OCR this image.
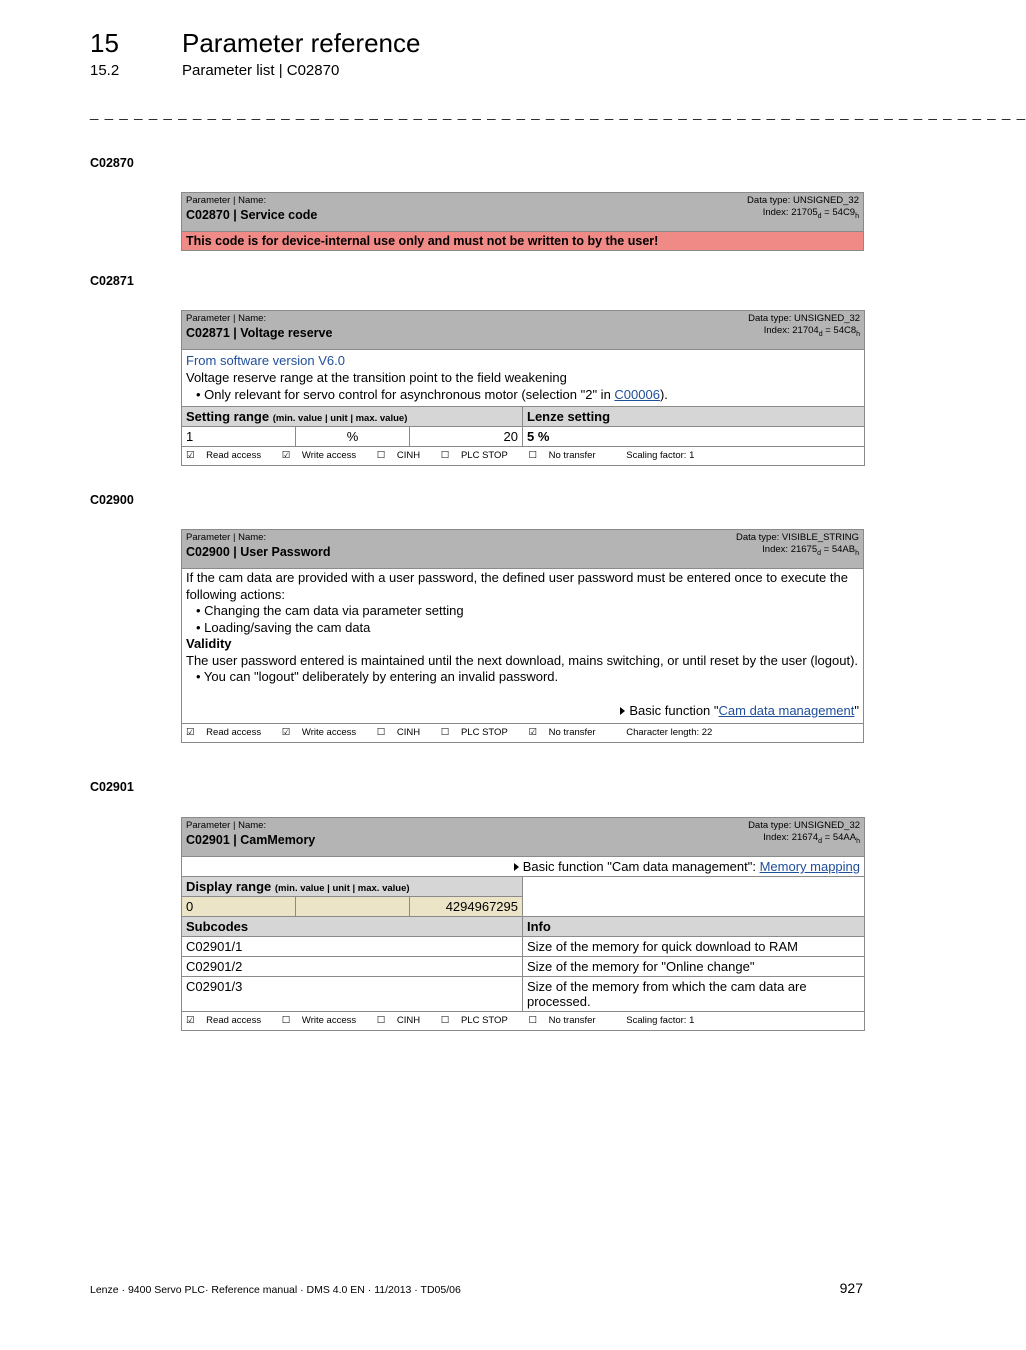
15 Parameter reference
15.2	Parameter list | C02870
_ _ _ _ _ _ _ _ _ _ _ _ _ _ _ _ _ _ _ _ _ _ _ _ _ _ _ _ _ _ _ _ _ _ _ _ _ _ _ _ _ _ _ _ _ _ _ _ _ _ _ _ _ _ _ _ _ _ _ _ _ _ _ _
C02870
Data type: UNSIGNED_32
Index: $21705_d = 54C9_h$
Parameter | Name:
C02870 | Service code

This code is for device-internal use only and must not be written to by the user!
C02871
Data type: UNSIGNED_32
Index: $21704_d = 54C8_h$
Parameter | Name:
C02871 | Voltage reserve			

From software version V6.0
Voltage reserve range at the transition point to the field weakening
• Only relevant for servo control for asynchronous motor (selection "2" in C00006).			

Setting range (min. value | unit | max. value)			Lenze setting
1	%	20	5 %
☑ Read access ☑ Write access ☐ CINH ☐ PLC STOP ☐ No transfer Scaling factor: 1			
C02900
Data type: VISIBLE_STRING
Index: $21675_d = 54AB_h$
Parameter | Name:
C02900 | User Password

If the cam data are provided with a user password, the defined user password must be entered once to execute the following actions:
• Changing the cam data via parameter setting
• Loading/saving the cam data
Validity
The user password entered is maintained until the next download, mains switching, or until reset by the user (logout).
• You can "logout" deliberately by entering an invalid password.
Basic function "Cam data management"

☑ Read access ☑ Write access ☐ CINH ☐ PLC STOP ☑ No transfer	Character length: 22
C02901
Data type: UNSIGNED_32
Index: $21674_d = 54AA_h$
Parameter | Name:
C02901 | CamMemory			

Basic function "Cam data management": Memory mapping			
Display range (min. value | unit | max. value)			
0		4294967295	
Subcodes			Info
C02901/1			Size of the memory for quick download to RAM
C02901/2			Size of the memory for "Online change"
C02901/3			Size of the memory from which the cam data are processed.
☑ Read access ☐ Write access ☐ CINH ☐ PLC STOP ☐ No transfer Scaling factor: 1			
Lenze · 9400 Servo PLC· Reference manual · DMS 4.0 EN · 11/2013 · TD05/06	927
